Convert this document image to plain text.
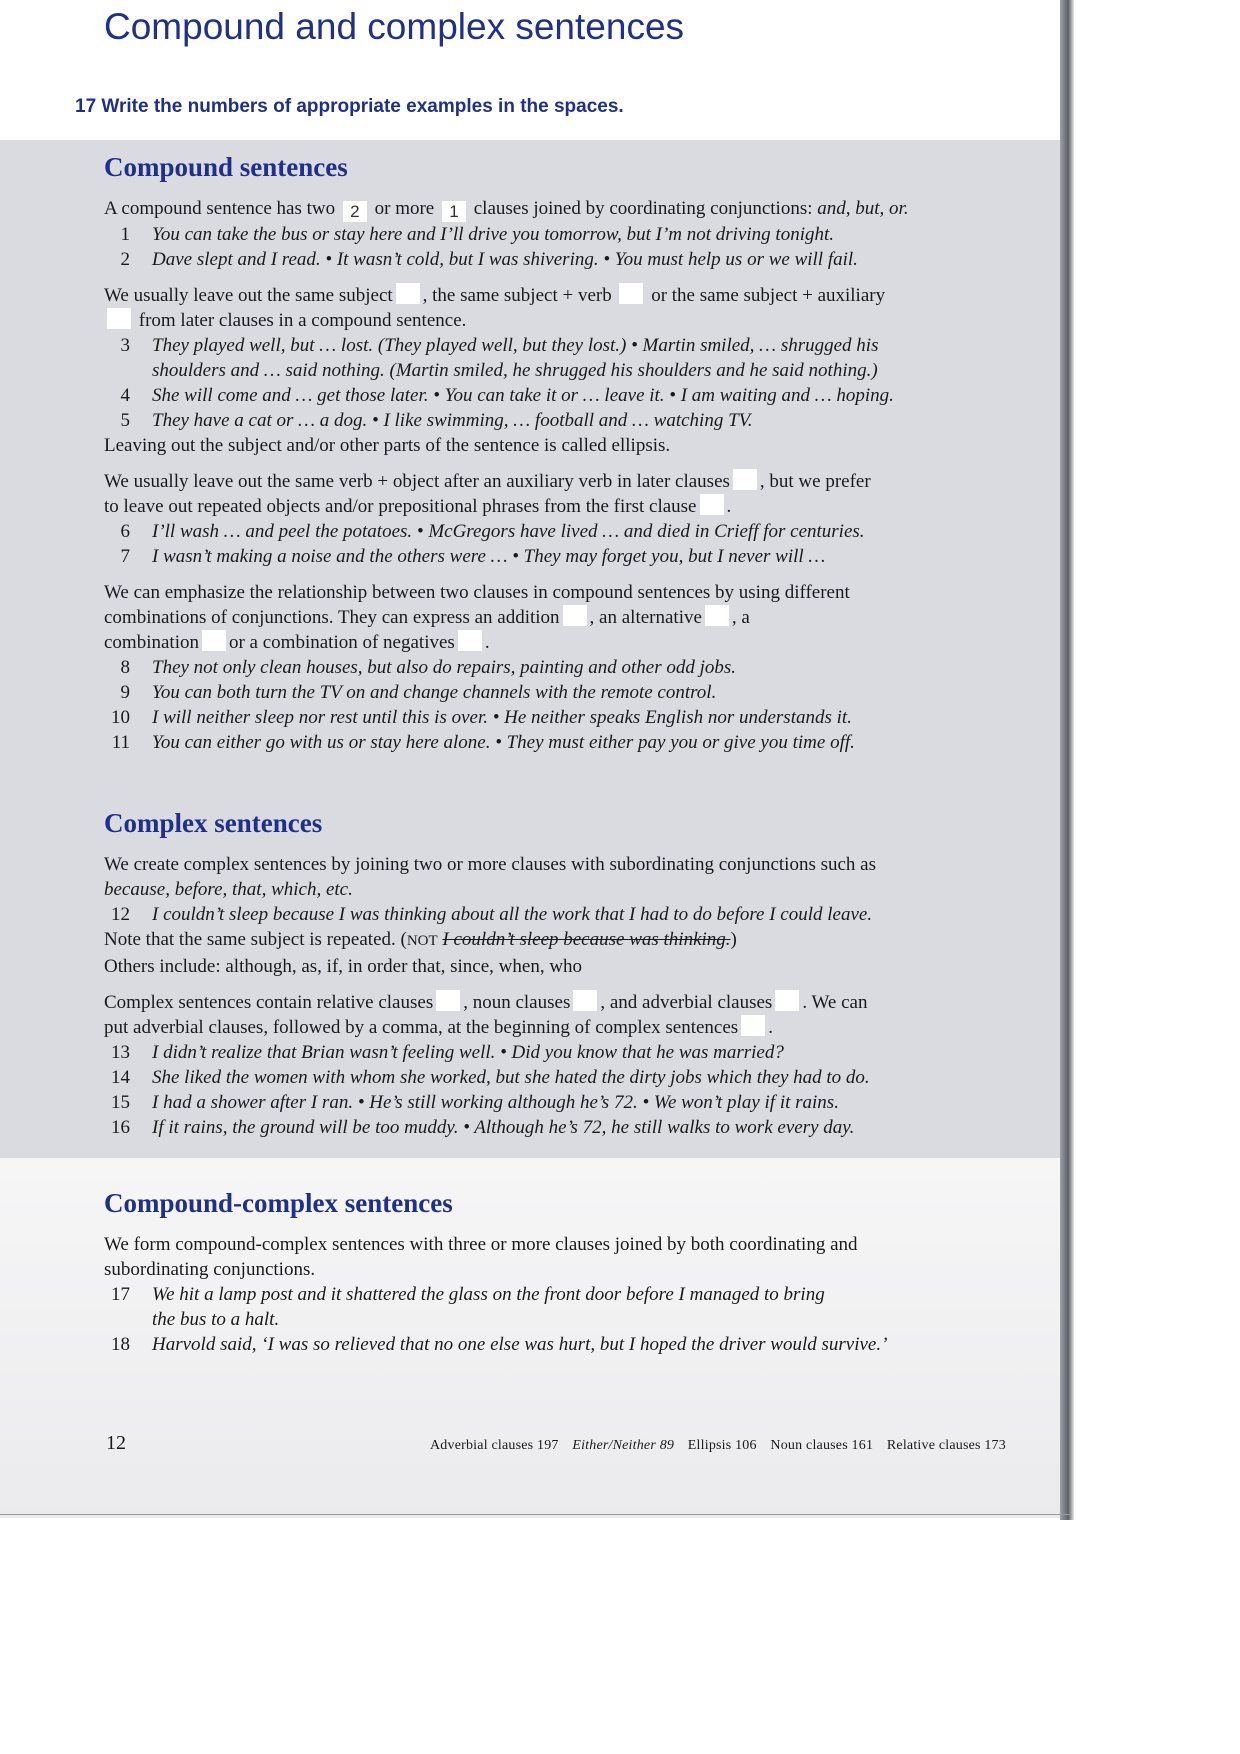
Compound and complex sentences
17 Write the numbers of appropriate examples in the spaces.
Compound sentences

A compound sentence has two 2 or more 1 clauses joined by coordinating conjunctions: and, but, or.

1 You can take the bus or stay here and I’ll drive you tomorrow, but I’m not driving tonight.

2 Dave slept and I read. • It wasn’t cold, but I was shivering. • You must help us or we will fail.

We usually leave out the same subject , the same subject + verb or the same subject + auxiliary
from later clauses in a compound sentence.

3 They played well, but … lost. (They played well, but they lost.) • Martin smiled, … shrugged his

shoulders and … said nothing. (Martin smiled, he shrugged his shoulders and he said nothing.)

4 She will come and … get those later. • You can take it or … leave it. • I am waiting and … hoping.

5 They have a cat or … a dog. • I like swimming, … football and … watching TV.

Leaving out the subject and/or other parts of the sentence is called ellipsis.

We usually leave out the same verb + object after an auxiliary verb in later clauses , but we prefer
to leave out repeated objects and/or prepositional phrases from the first clause .

6 I’ll wash … and peel the potatoes. • McGregors have lived … and died in Crieff for centuries.

7 I wasn’t making a noise and the others were … • They may forget you, but I never will …

We can emphasize the relationship between two clauses in compound sentences by using different
combinations of conjunctions. They can express an addition , an alternative , a
combination or a combination of negatives .

8 They not only clean houses, but also do repairs, painting and other odd jobs.

9 You can both turn the TV on and change channels with the remote control.

10 I will neither sleep nor rest until this is over. • He neither speaks English nor understands it.

11 You can either go with us or stay here alone. • They must either pay you or give you time off.

Complex sentences

We create complex sentences by joining two or more clauses with subordinating conjunctions such as
because, before, that, which, etc.

12 I couldn’t sleep because I was thinking about all the work that I had to do before I could leave.

Note that the same subject is repeated. (NOT I couldn’t sleep because was thinking.)

Others include: although, as, if, in order that, since, when, who

Complex sentences contain relative clauses , noun clauses , and adverbial clauses . We can
put adverbial clauses, followed by a comma, at the beginning of complex sentences .

13 I didn’t realize that Brian wasn’t feeling well. • Did you know that he was married?

14 She liked the women with whom she worked, but she hated the dirty jobs which they had to do.

15 I had a shower after I ran. • He’s still working although he’s 72. • We won’t play if it rains.

16 If it rains, the ground will be too muddy. • Although he’s 72, he still walks to work every day.

Compound-complex sentences

We form compound-complex sentences with three or more clauses joined by both coordinating and
subordinating conjunctions.

17 We hit a lamp post and it shattered the glass on the front door before I managed to bring

the bus to a halt.

18 Harvold said, ‘I was so relieved that no one else was hurt, but I hoped the driver would survive.’

12	Adverbial clauses 197 Either/Neither 89 Ellipsis 106 Noun clauses 161 Relative clauses 173
